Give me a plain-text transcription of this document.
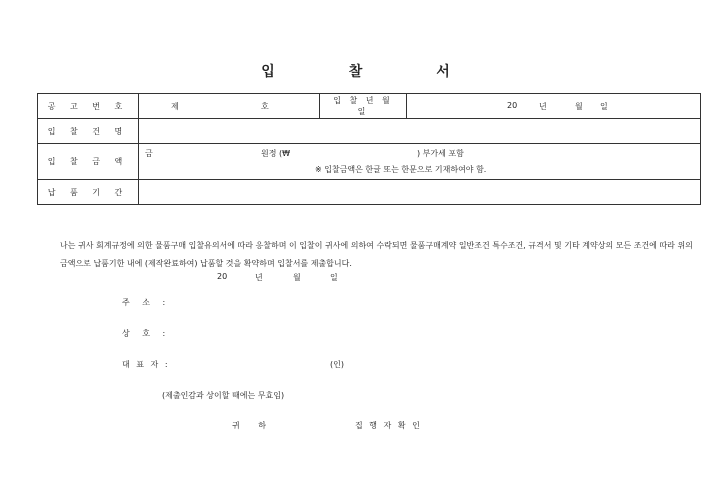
입	찰	서
공 고 번 호	제 호	입 찰 년 월 일	20 년 월 일

입 찰 건 명			
입 찰 금 액	금 원정 (₩ ) 부가세 포함
※ 입찰금액은 한글 또는 한문으로 기재하여야 함.		

납 품 기 간			
나는 귀사 회계규정에 의한 물품구매 입찰유의서에 따라 응찰하며 이 입찰이 귀사에 의하여 수락되면 물품구매계약 일반조건 특수조건, 규격서 및 기타 계약상의 모든 조건에 따라 위의 금액으로 납품기한 내에 (제작완료하여) 납품할 것을 확약하며 입찰서를 제출합니다.
20	년	월	일
주 소 :
상 호 :
대 표 자 :	(인)
(제출인감과 상이할 때에는 무효임)
귀 하	집 행 자 확 인
